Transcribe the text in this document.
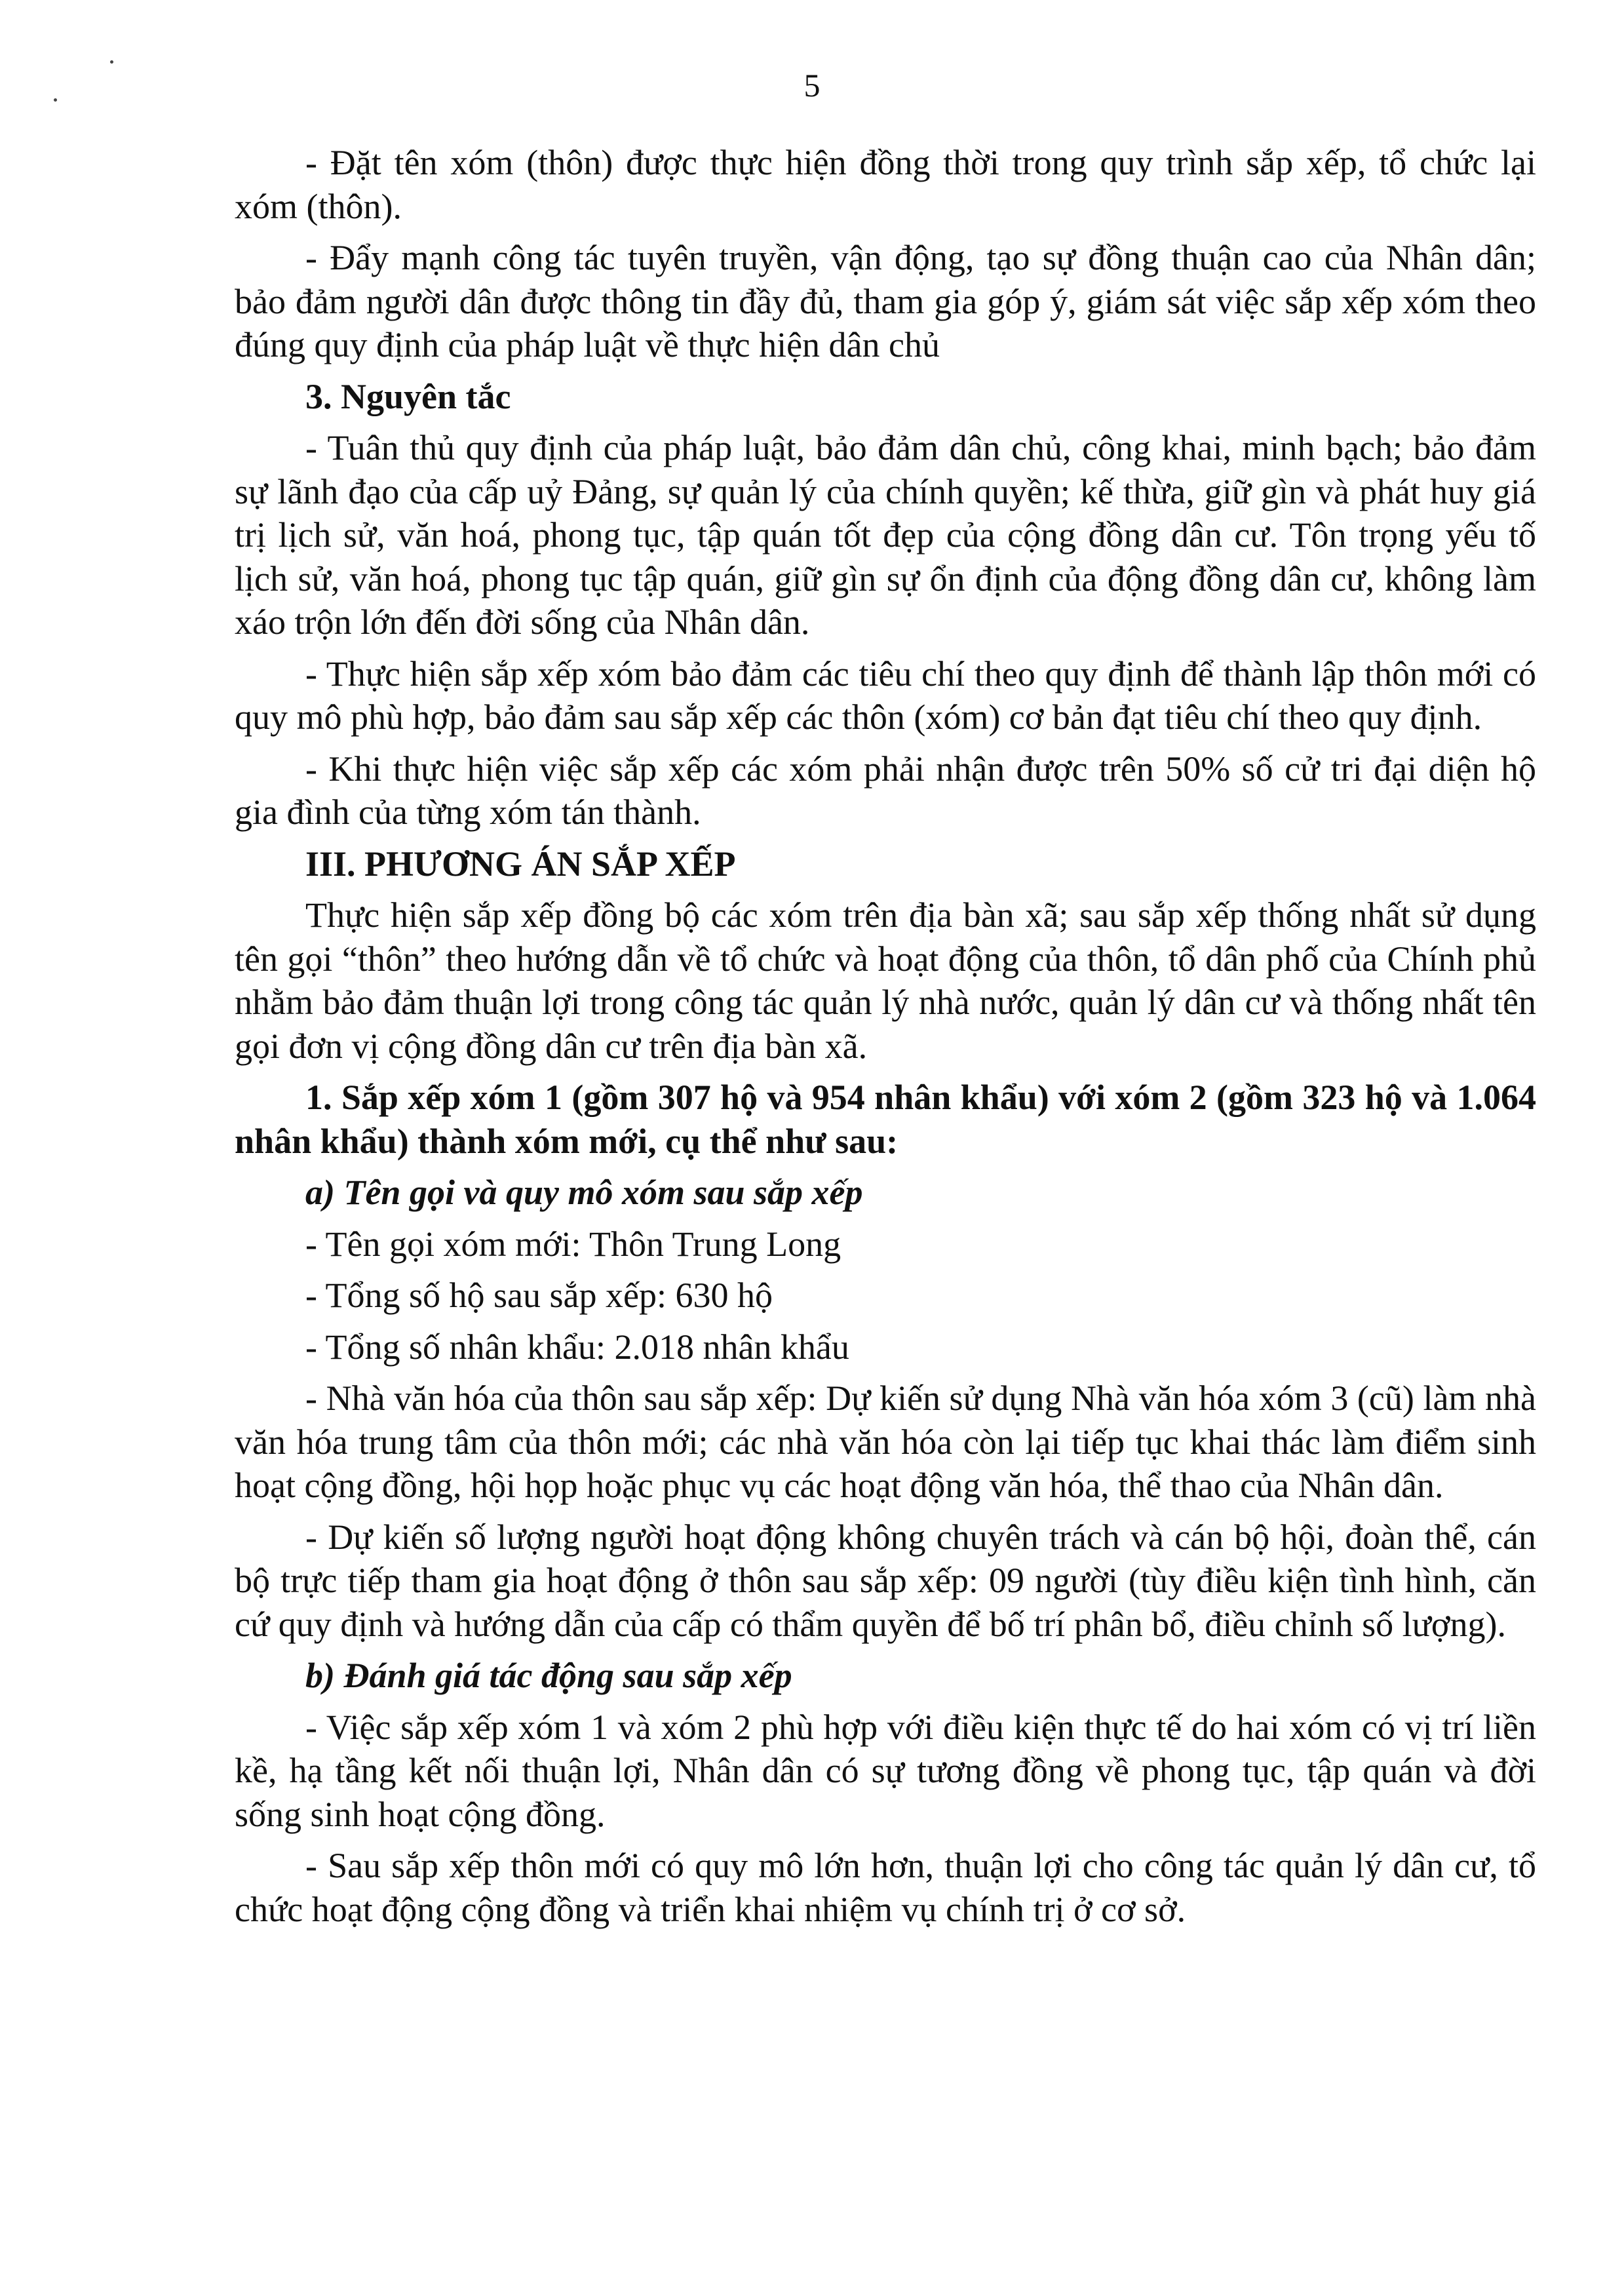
5

- Đặt tên xóm (thôn) được thực hiện đồng thời trong quy trình sắp xếp, tổ chức lại xóm (thôn).

- Đẩy mạnh công tác tuyên truyền, vận động, tạo sự đồng thuận cao của Nhân dân; bảo đảm người dân được thông tin đầy đủ, tham gia góp ý, giám sát việc sắp xếp xóm theo đúng quy định của pháp luật về thực hiện dân chủ

3. Nguyên tắc

- Tuân thủ quy định của pháp luật, bảo đảm dân chủ, công khai, minh bạch; bảo đảm sự lãnh đạo của cấp uỷ Đảng, sự quản lý của chính quyền; kế thừa, giữ gìn và phát huy giá trị lịch sử, văn hoá, phong tục, tập quán tốt đẹp của cộng đồng dân cư. Tôn trọng yếu tố lịch sử, văn hoá, phong tục tập quán, giữ gìn sự ổn định của động đồng dân cư, không làm xáo trộn lớn đến đời sống của Nhân dân.

- Thực hiện sắp xếp xóm bảo đảm các tiêu chí theo quy định để thành lập thôn mới có quy mô phù hợp, bảo đảm sau sắp xếp các thôn (xóm) cơ bản đạt tiêu chí theo quy định.

- Khi thực hiện việc sắp xếp các xóm phải nhận được trên 50% số cử tri đại diện hộ gia đình của từng xóm tán thành.

III. PHƯƠNG ÁN SẮP XẾP

Thực hiện sắp xếp đồng bộ các xóm trên địa bàn xã; sau sắp xếp thống nhất sử dụng tên gọi “thôn” theo hướng dẫn về tổ chức và hoạt động của thôn, tổ dân phố của Chính phủ nhằm bảo đảm thuận lợi trong công tác quản lý nhà nước, quản lý dân cư và thống nhất tên gọi đơn vị cộng đồng dân cư trên địa bàn xã.

1. Sắp xếp xóm 1 (gồm 307 hộ và 954 nhân khẩu) với xóm 2 (gồm 323 hộ và 1.064 nhân khẩu) thành xóm mới, cụ thể như sau:

a) Tên gọi và quy mô xóm sau sắp xếp

- Tên gọi xóm mới: Thôn Trung Long

- Tổng số hộ sau sắp xếp: 630 hộ

- Tổng số nhân khẩu: 2.018 nhân khẩu

- Nhà văn hóa của thôn sau sắp xếp: Dự kiến sử dụng Nhà văn hóa xóm 3 (cũ) làm nhà văn hóa trung tâm của thôn mới; các nhà văn hóa còn lại tiếp tục khai thác làm điểm sinh hoạt cộng đồng, hội họp hoặc phục vụ các hoạt động văn hóa, thể thao của Nhân dân.

- Dự kiến số lượng người hoạt động không chuyên trách và cán bộ hội, đoàn thể, cán bộ trực tiếp tham gia hoạt động ở thôn sau sắp xếp: 09 người (tùy điều kiện tình hình, căn cứ quy định và hướng dẫn của cấp có thẩm quyền để bố trí phân bổ, điều chỉnh số lượng).

b) Đánh giá tác động sau sắp xếp

- Việc sắp xếp xóm 1 và xóm 2 phù hợp với điều kiện thực tế do hai xóm có vị trí liền kề, hạ tầng kết nối thuận lợi, Nhân dân có sự tương đồng về phong tục, tập quán và đời sống sinh hoạt cộng đồng.

- Sau sắp xếp thôn mới có quy mô lớn hơn, thuận lợi cho công tác quản lý dân cư, tổ chức hoạt động cộng đồng và triển khai nhiệm vụ chính trị ở cơ sở.
